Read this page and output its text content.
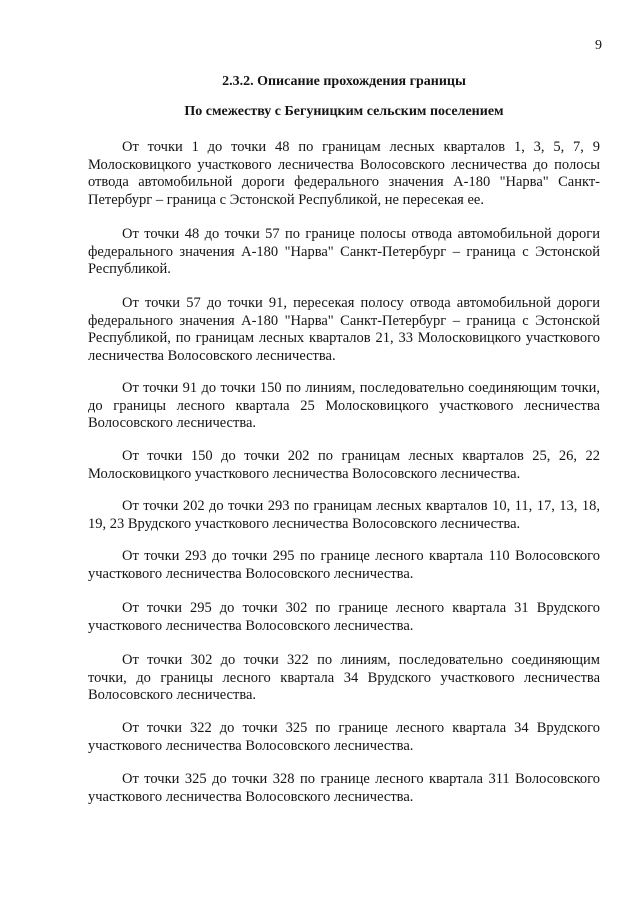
9
2.3.2. Описание прохождения границы
По смежеству с Бегуницким сельским поселением

От точки 1 до точки 48 по границам лесных кварталов 1, 3, 5, 7, 9 Молосковицкого участкового лесничества Волосовского лесничества до полосы отвода автомобильной дороги федерального значения А-180 "Нарва" Санкт-Петербург – граница с Эстонской Республикой, не пересекая ее.

От точки 48 до точки 57 по границе полосы отвода автомобильной дороги федерального значения А-180 "Нарва" Санкт-Петербург – граница с Эстонской Республикой.

От точки 57 до точки 91, пересекая полосу отвода автомобильной дороги федерального значения А-180 "Нарва" Санкт-Петербург – граница с Эстонской Республикой, по границам лесных кварталов 21, 33 Молосковицкого участкового лесничества Волосовского лесничества.

От точки 91 до точки 150 по линиям, последовательно соединяющим точки, до границы лесного квартала 25 Молосковицкого участкового лесничества Волосовского лесничества.

От точки 150 до точки 202 по границам лесных кварталов 25, 26, 22 Молосковицкого участкового лесничества Волосовского лесничества.

От точки 202 до точки 293 по границам лесных кварталов 10, 11, 17, 13, 18, 19, 23 Врудского участкового лесничества Волосовского лесничества.

От точки 293 до точки 295 по границе лесного квартала 110 Волосовского участкового лесничества Волосовского лесничества.

От точки 295 до точки 302 по границе лесного квартала 31 Врудского участкового лесничества Волосовского лесничества.

От точки 302 до точки 322 по линиям, последовательно соединяющим точки, до границы лесного квартала 34 Врудского участкового лесничества Волосовского лесничества.

От точки 322 до точки 325 по границе лесного квартала 34 Врудского участкового лесничества Волосовского лесничества.

От точки 325 до точки 328 по границе лесного квартала 311 Волосовского участкового лесничества Волосовского лесничества.
